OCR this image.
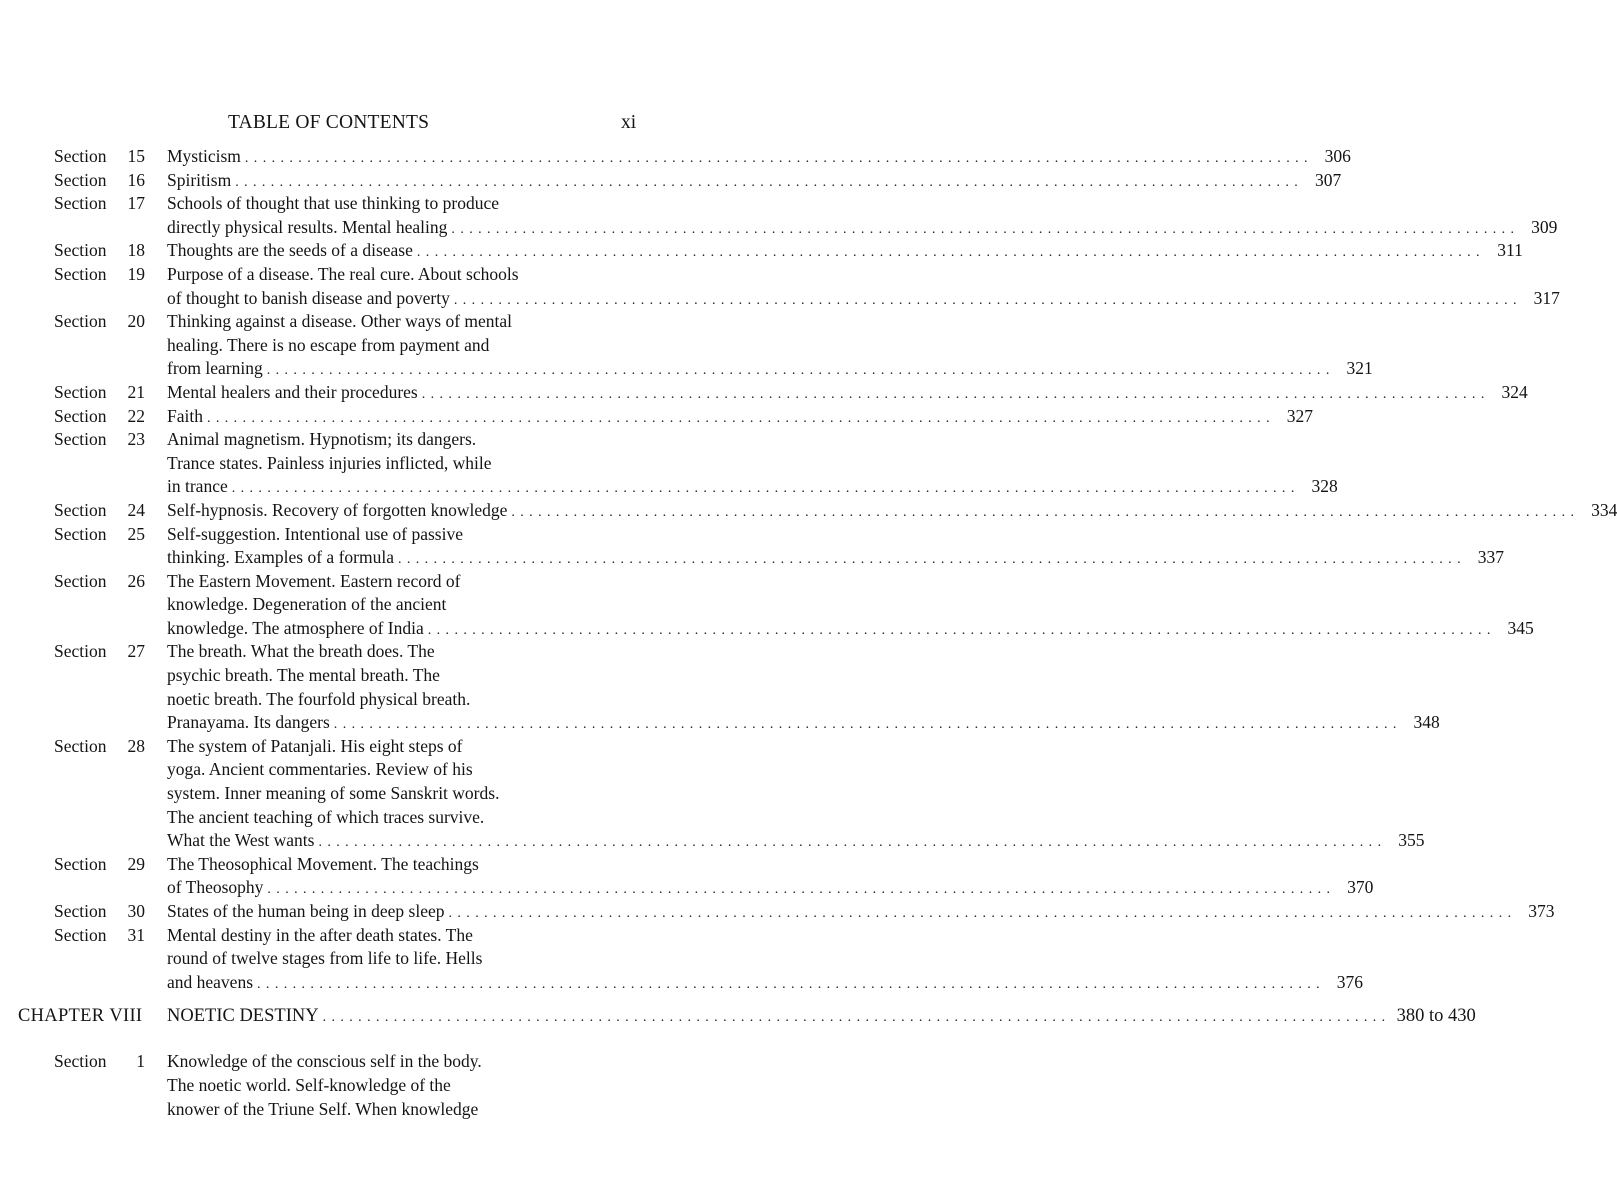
TABLE OF CONTENTS	xi
Section	15 Mysticism ........................................................................................................................ 306
Section	16 Spiritism ........................................................................................................................ 307
Section	17 Schools of thought that use thinking to produce
directly physical results. Mental healing ........................................................................................................................ 309
Section	18 Thoughts are the seeds of a disease ........................................................................................................................ 311
Section	19 Purpose of a disease. The real cure. About schools
of thought to banish disease and poverty ........................................................................................................................ 317
Section	20 Thinking against a disease. Other ways of mental
healing. There is no escape from payment and
from learning ........................................................................................................................ 321
Section	21 Mental healers and their procedures ........................................................................................................................ 324
Section	22 Faith ........................................................................................................................ 327
Section	23 Animal magnetism. Hypnotism; its dangers.
Trance states. Painless injuries inflicted, while
in trance ........................................................................................................................ 328
Section	24 Self-hypnosis. Recovery of forgotten knowledge ........................................................................................................................ 334
Section	25 Self-suggestion. Intentional use of passive
thinking. Examples of a formula ........................................................................................................................ 337
Section	26 The Eastern Movement. Eastern record of
knowledge. Degeneration of the ancient
knowledge. The atmosphere of India ........................................................................................................................ 345
Section	27 The breath. What the breath does. The
psychic breath. The mental breath. The
noetic breath. The fourfold physical breath.
Pranayama. Its dangers ........................................................................................................................ 348
Section	28 The system of Patanjali. His eight steps of
yoga. Ancient commentaries. Review of his
system. Inner meaning of some Sanskrit words.
The ancient teaching of which traces survive.
What the West wants ........................................................................................................................ 355
Section	29 The Theosophical Movement. The teachings
of Theosophy ........................................................................................................................ 370
Section	30 States of the human being in deep sleep ........................................................................................................................ 373
Section	31 Mental destiny in the after death states. The
round of twelve stages from life to life. Hells
and heavens ........................................................................................................................ 376
CHAPTER VIII NOETIC DESTINY ........................................................................................................................ 380 to 430
Section	1 Knowledge of the conscious self in the body.
The noetic world. Self-knowledge of the
knower of the Triune Self. When knowledge
